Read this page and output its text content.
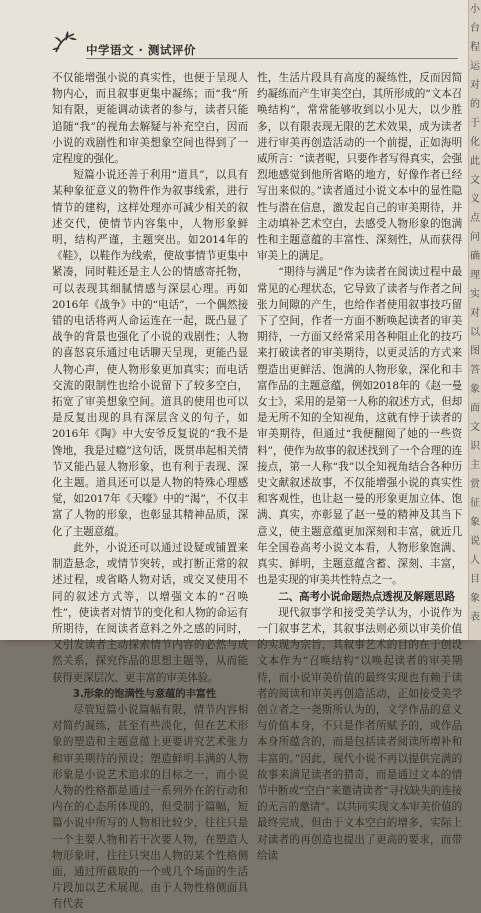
中学语文 · 测试评价

不仅能增强小说的真实性，也便于呈现人物内心，而且叙事更集中凝练；而“我”所知有限，更能调动读者的参与，读者只能追随“我”的视角去解疑与补充空白，因而小说的戏剧性和审美想象空间也得到了一定程度的强化。

短篇小说还善于利用“道具”，以具有某种象征意义的物件作为叙事线索，进行情节的建构，这样处理亦可减少相关的叙述交代，使情节内容集中，人物形象鲜明，结构严谨，主题突出。如2014年的《鞋》，以鞋作为线索，使故事情节更集中紧凑，同时鞋还是主人公的情感寄托物，可以表现其细腻情感与深层心理。再如2016年《战争》中的“电话”，一个偶然接错的电话将两人命运连在一起，既凸显了战争的背景也强化了小说的戏剧性；人物的喜怒哀乐通过电话聊天呈现，更能凸显人物心声，使人物形象更加真实；而电话交流的限制性也给小说留下了较多空白，拓宽了审美想象空间。道具的使用也可以是反复出现的具有深层含义的句子，如2016年《陶》中大安爷反复说的“我不是馋地，我是过瘾”这句话，既贯串起相关情节又能凸显人物形象，也有利于表现、深化主题。道具还可以是人物的特殊心理感觉，如2017年《天嚎》中的“渴”，不仅丰富了人物的形象，也彰显其精神品质，深化了主题意蕴。

此外，小说还可以通过设疑或铺置来制造悬念，或情节突转，或打断正常的叙述过程，或省略人物对话，或交叉使用不同的叙述方式等，以增强文本的“召唤性”，使读者对情节的变化和人物的命运有所期待，在阅读者意料之外之感的同时，又引发读者主动探索情节内容的必然与成然关系，探究作品的思想主题等，从而能获得更深层次、更丰富的审美体验。

3.形象的饱满性与意蕴的丰富性

尽管短篇小说篇幅有限，情节内容相对简约凝练，甚至有些淡化，但在艺术形象的塑造和主题意蕴上更要讲究艺术张力和审美期待的预设；塑造鲜明丰满的人物形象是小说艺术追求的目标之一，而小说人物的性格都是通过一系列外在的行动和内在的心态所体现的，但受制于篇幅，短篇小说中所写的人物相比较少，往往只是一个主要人物和若干次要人物，在塑造人物形象时，往往只突出人物的某个性格侧面，通过所截取的一个或几个场面的生活片段加以艺术展现。由于人物性格侧面具有代表

性，生活片段具有高度的凝练性，反而因简约凝练而产生审美空白，其所形成的“文本召唤结构”，常常能够收到以小见大，以少胜多，以有限表现无限的艺术效果，成为读者进行审美再创造活动的一个前提，正如海明威所言：“读者呢，只要作者写得真实，会强烈地感觉到他所省略的地方，好像作者已经写出来似的。”读者通过小说文本中的显性隐性与潜在信息，激发起自己的审美期待，并主动填补艺术空白，去感受人物形象的饱满性和主题意蕴的丰富性、深刻性，从而获得审美上的满足。

“期待与满足”作为读者在阅读过程中最常见的心理状态，它导致了读者与作者之间张力间隙的产生，也给作者使用叙事技巧留下了空间，作者一方面不断唤起读者的审美期待，一方面又经常采用各种阻止化的技巧来打破读者的审美期待，以更灵活的方式来塑造出更鲜活、饱满的人物形象，深化和丰富作品的主题意蕴，例如2018年的《赵一曼女士》，采用的是第一人称的叙述方式，但却是无所不知的全知视角，这就有悖于读者的审美期待，但通过“我便翻阅了她的一些资料”，使作为故事的叙述找到了一个合理的连接点，第一人称“我”以全知视角结合各种历史文献叙述故事，不仅能增强小说的真实性和客观性，也让赵一曼的形象更加立体、饱满、真实，亦彰显了赵一曼的精神及其当下意义，使主题意蕴更加深刻和丰富，就近几年全国卷高考小说文本看，人物形象饱满、真实、鲜明，主题意蕴含蓄、深刻、丰富，也是实现的审美共性特点之一。

二、高考小说命题热点透视及解题思路

现代叙事学和接受美学认为，小说作为一门叙事艺术，其叙事法则必须以审美价值的实现为宗旨，其叙事艺术的目的在于创设文本作为“召唤结构”以唤起读者的审美期待，而小说审美价值的最终实现也有赖于读者的阅读和审美再创造活动，正如接受美学创立者之一尧斯所认为的，文学作品的意义与价值本身，不只是作者所赋予的，或作品本身所蕴含的，而是包括读者阅读所增补和丰富的。”因此，现代小说不再以提供完满的故事来满足读者的猎奇，而是通过文本的情节中断或“空白”来邀请读者“寻找缺失的连接的无言的邀请”。以共同实现文本审美价值的最终完成，但由于文本空白的增多，实际上对读者的再创造也提出了更高的要求，而带给读

小
台
程
运
对
的
于
化
此
文
义
点
问
确
理
实
对
以
图
答
象
面
文
识
主
赏
征
象
说
人
目
象
表
